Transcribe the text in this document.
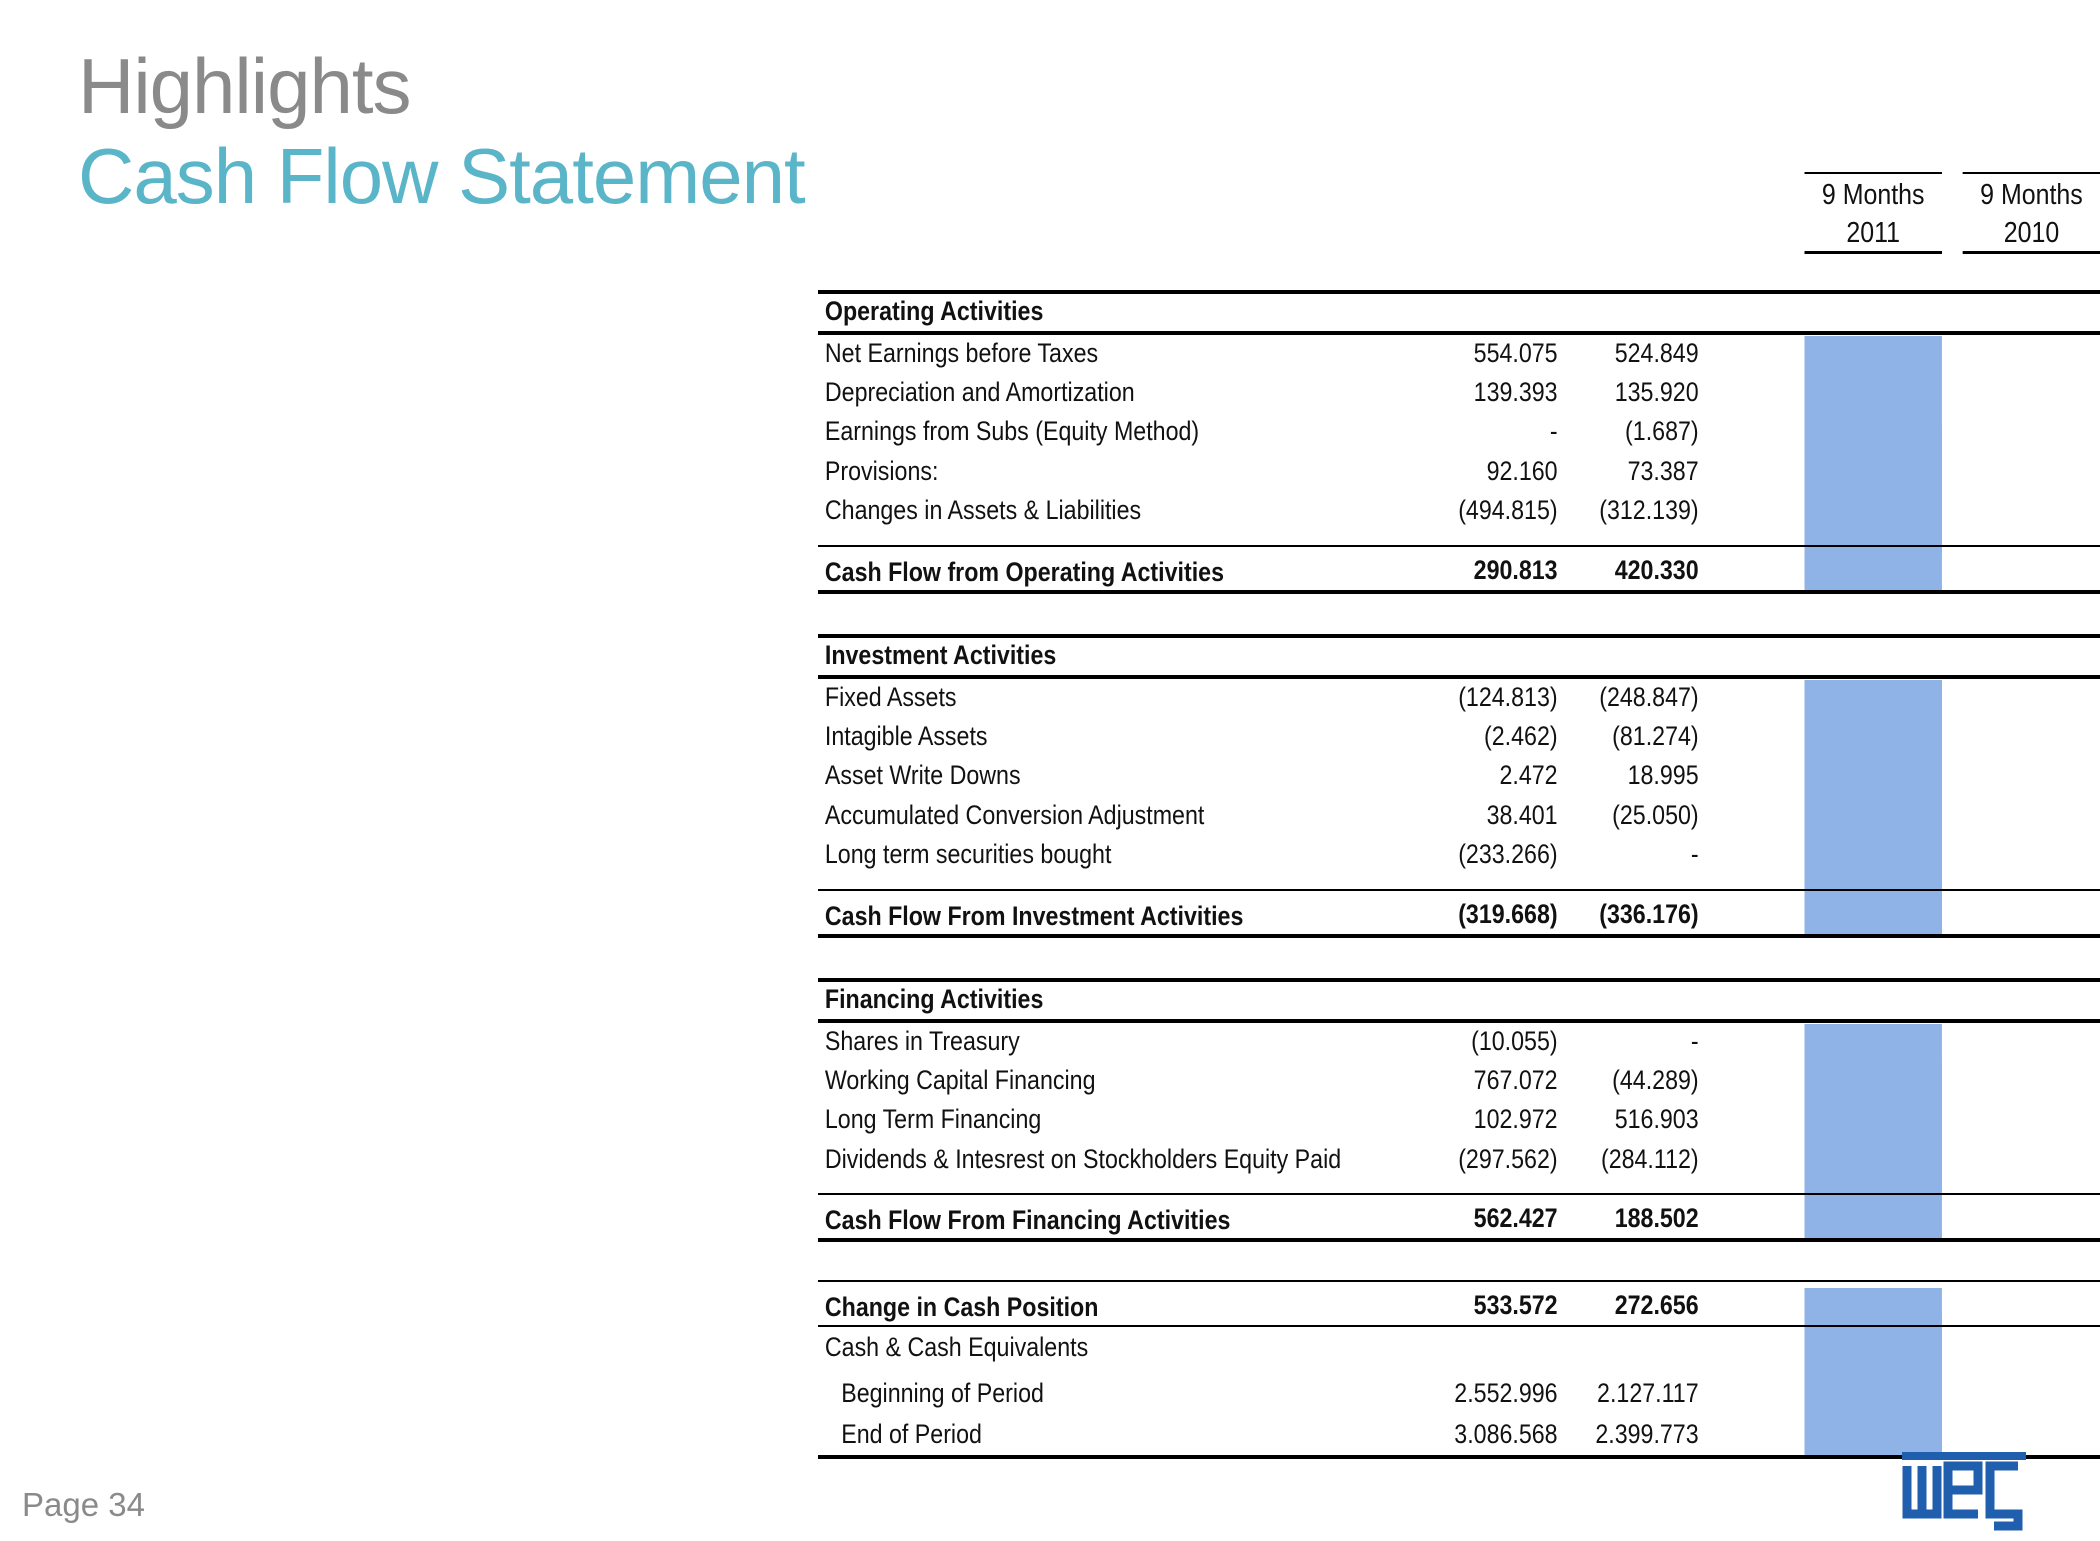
Highlights
Cash Flow Statement	9 Months
2011
9 Months
2010
Operating Activities
Net Earnings before Taxes	554.075 524.849
Depreciation and Amortization	139.393 135.920
Earnings from Subs (Equity Method)	- (1.687)
Provisions:	92.160	73.387
Changes in Assets & Liabilities	(494.815) (312.139)
Cash Flow from Operating Activities	290.813 420.330
Investment Activities
Fixed Assets	(124.813) (248.847)
Intagible Assets	(2.462) (81.274)
Asset Write Downs	2.472	18.995
Accumulated Conversion Adjustment	38.401 (25.050)
Long term securities bought	(233.266)	-
Cash Flow From Investment Activities	(319.668) (336.176)
Financing Activities
Shares in Treasury	(10.055)	-
Working Capital Financing	767.072 (44.289)
Long Term Financing	102.972 516.903
Dividends & Intesrest on Stockholders Equity Paid	(297.562) (284.112)
Cash Flow From Financing Activities	562.427 188.502
Change in Cash Position	533.572 272.656
Cash & Cash Equivalents
Beginning of Period	2.552.996 2.127.117
End of Period	3.086.568 2.399.773
Page 34
